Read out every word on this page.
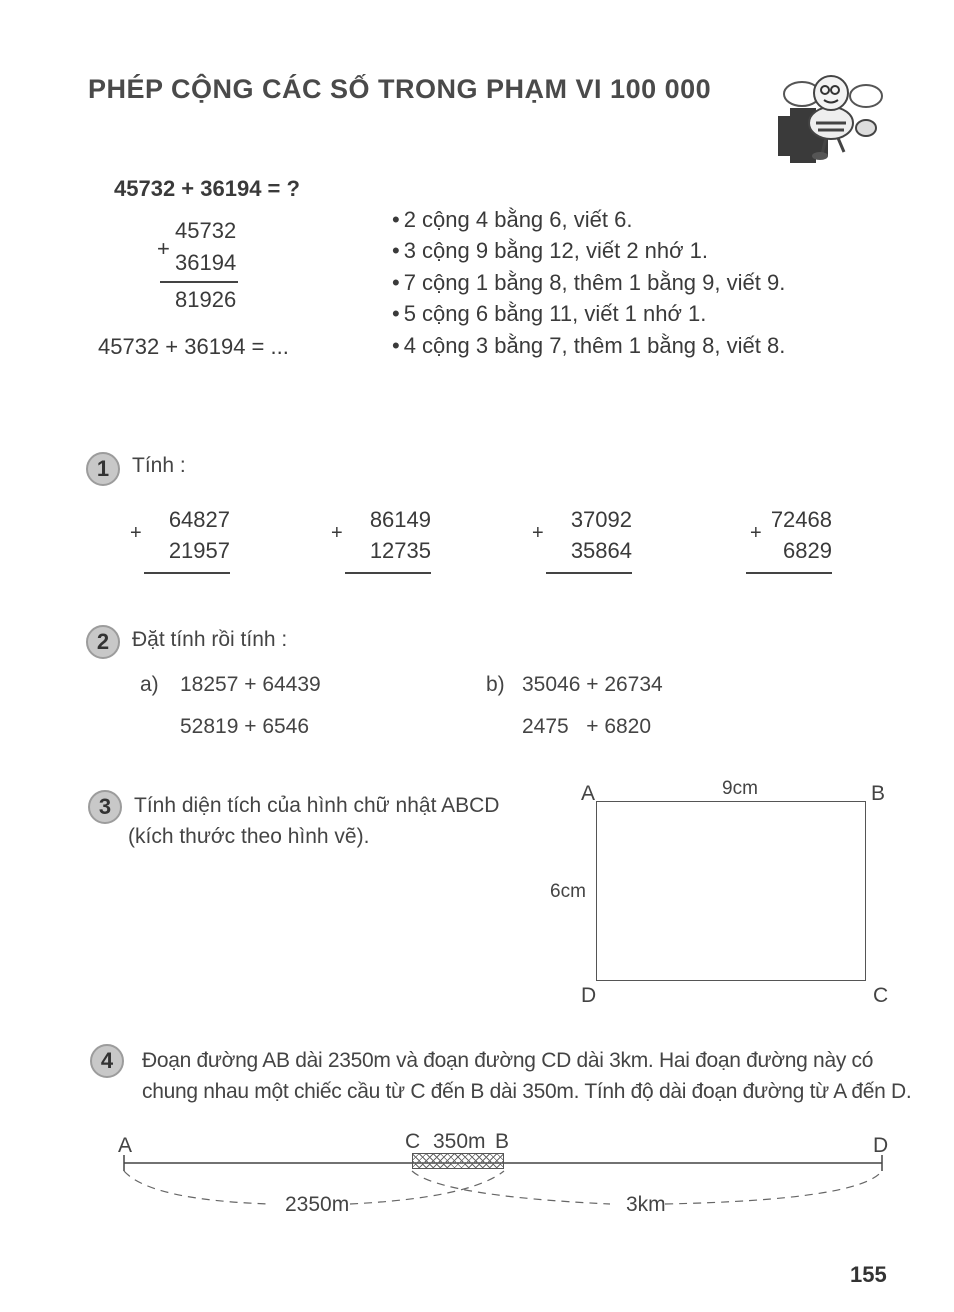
PHÉP CỘNG CÁC SỐ TRONG PHẠM VI 100 000
45732 + 36194 = ?
45732
+
36194
81926
45732 + 36194 = ...
• 2 cộng 4 bằng 6, viết 6.
• 3 cộng 9 bằng 12, viết 2 nhớ 1.
• 7 cộng 1 bằng 8, thêm 1 bằng 9, viết 9.
• 5 cộng 6 bằng 11, viết 1 nhớ 1.
• 4 cộng 3 bằng 7, thêm 1 bằng 8, viết 8.
1	Tính :
64827
21957
+
86149
12735
+
37092
35864
+
72468
6829
+
2	Đặt tính rồi tính :
a) 18257 + 64439
52819 + 6546
b) 35046 + 26734
2475   + 6820
3	Tính diện tích của hình chữ nhật ABCD
(kích thước theo hình vẽ).
A	B
C
D
9cm
6cm
4	Đoạn đường AB dài 2350m và đoạn đường CD dài 3km. Hai đoạn đường này có
chung nhau một chiếc cầu từ C đến B dài 350m. Tính độ dài đoạn đường từ A đến D.
A	C 350m B	D
2350m	3km
155
